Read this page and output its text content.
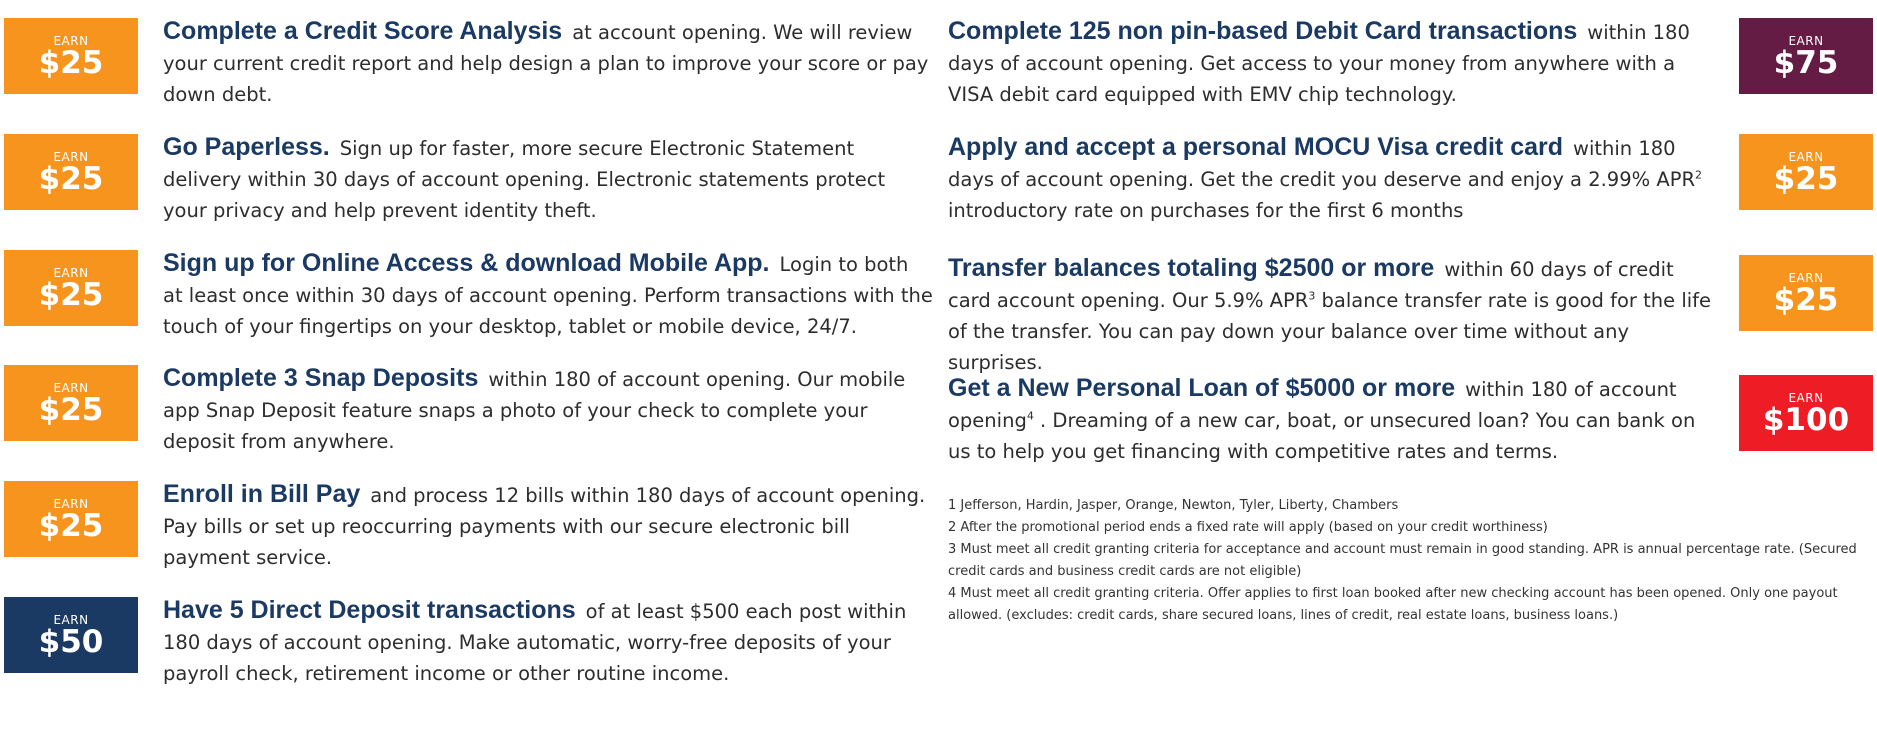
EARN
$25
Complete a Credit Score Analysis at account opening. We will review your current credit report and help design a plan to improve your score or pay down debt.
EARN
$25
Go Paperless. Sign up for faster, more secure Electronic Statement delivery within 30 days of account opening. Electronic statements protect your privacy and help prevent identity theft.
EARN
$25
Sign up for Online Access & download Mobile App. Login to both at least once within 30 days of account opening. Perform transactions with the touch of your fingertips on your desktop, tablet or mobile device, 24/7.
EARN
$25
Complete 3 Snap Deposits within 180 of account opening. Our mobile app Snap Deposit feature snaps a photo of your check to complete your deposit from anywhere.
EARN
$25
Enroll in Bill Pay and process 12 bills within 180 days of account opening. Pay bills or set up reoccurring payments with our secure electronic bill payment service.
EARN
$50
Have 5 Direct Deposit transactions of at least $500 each post within 180 days of account opening. Make automatic, worry-free deposits of your payroll check, retirement income or other routine income.
Complete 125 non pin-based Debit Card transactions within 180 days of account opening. Get access to your money from anywhere with a VISA debit card equipped with EMV chip technology.
EARN
$75
Apply and accept a personal MOCU Visa credit card within 180 days of account opening. Get the credit you deserve and enjoy a 2.99% APR$^2$ introductory rate on purchases for the first 6 months
EARN
$25
Transfer balances totaling $2500 or more within 60 days of credit card account opening. Our 5.9% APR$^3$ balance transfer rate is good for the life of the transfer. You can pay down your balance over time without any surprises.
EARN
$25
Get a New Personal Loan of $5000 or more within 180 of account opening$^4$ . Dreaming of a new car, boat, or unsecured loan? You can bank on us to help you get financing with competitive rates and terms.
EARN
$100
1 Jefferson, Hardin, Jasper, Orange, Newton, Tyler, Liberty, Chambers
2 After the promotional period ends a fixed rate will apply (based on your credit worthiness)
3 Must meet all credit granting criteria for acceptance and account must remain in good standing. APR is annual percentage rate. (Secured credit cards and business credit cards are not eligible)
4 Must meet all credit granting criteria. Offer applies to first loan booked after new checking account has been opened. Only one payout allowed. (excludes: credit cards, share secured loans, lines of credit, real estate loans, business loans.)
